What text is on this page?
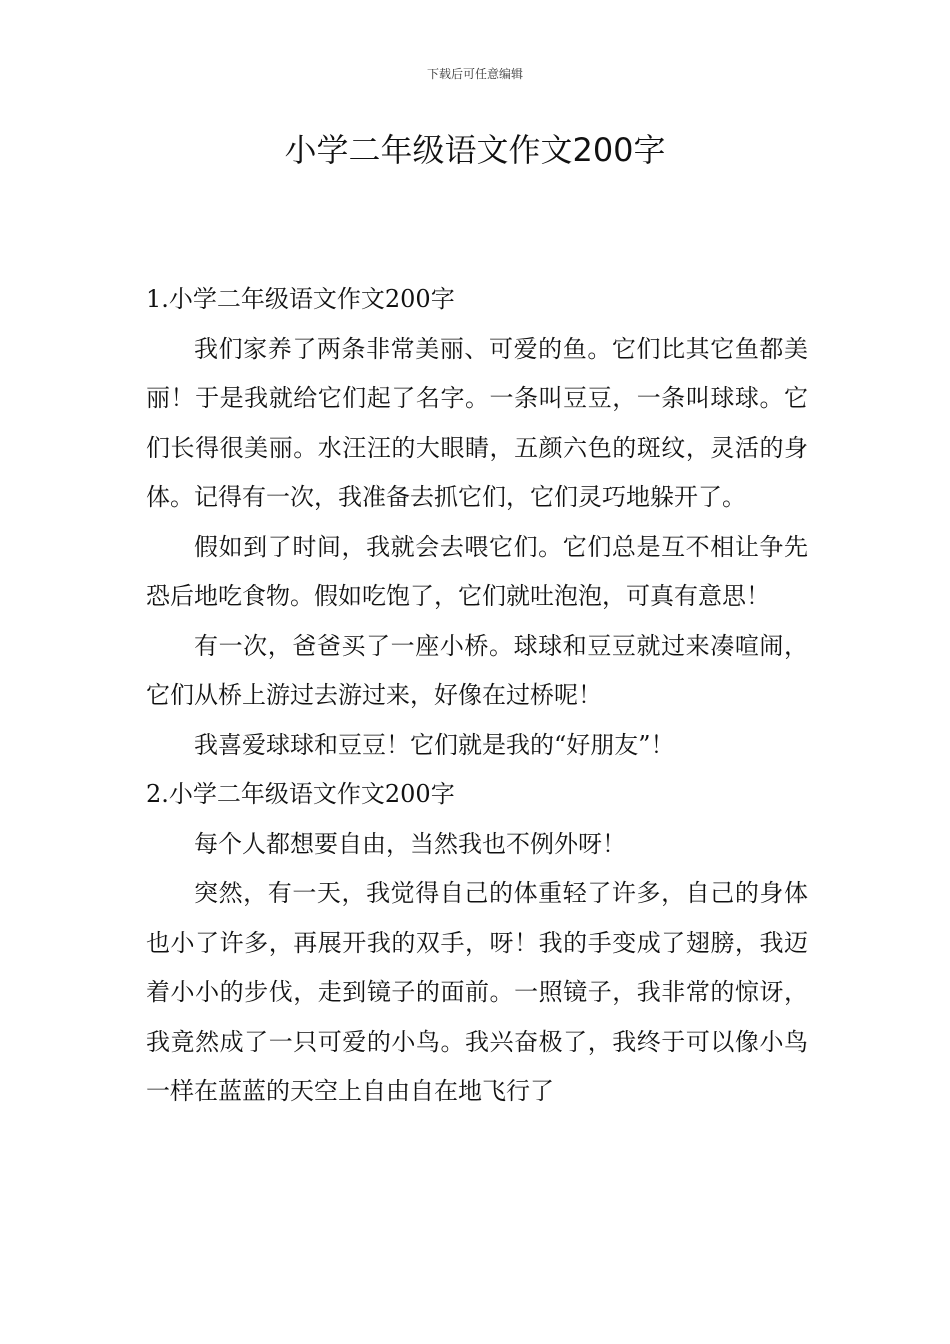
下载后可任意编辑
小学二年级语文作文200字

1.小学二年级语文作文200字

我们家养了两条非常美丽、可爱的鱼。它们比其它鱼都美丽！于是我就给它们起了名字。一条叫豆豆，一条叫球球。它们长得很美丽。水汪汪的大眼睛，五颜六色的斑纹，灵活的身体。记得有一次，我准备去抓它们，它们灵巧地躲开了。

假如到了时间，我就会去喂它们。它们总是互不相让争先恐后地吃食物。假如吃饱了，它们就吐泡泡，可真有意思！

有一次，爸爸买了一座小桥。球球和豆豆就过来凑喧闹，它们从桥上游过去游过来，好像在过桥呢！

我喜爱球球和豆豆！它们就是我的“好朋友”！

2.小学二年级语文作文200字

每个人都想要自由，当然我也不例外呀！

突然，有一天，我觉得自己的体重轻了许多，自己的身体也小了许多，再展开我的双手，呀！我的手变成了翅膀，我迈着小小的步伐，走到镜子的面前。一照镜子，我非常的惊讶，我竟然成了一只可爱的小鸟。我兴奋极了，我终于可以像小鸟一样在蓝蓝的天空上自由自在地飞行了
